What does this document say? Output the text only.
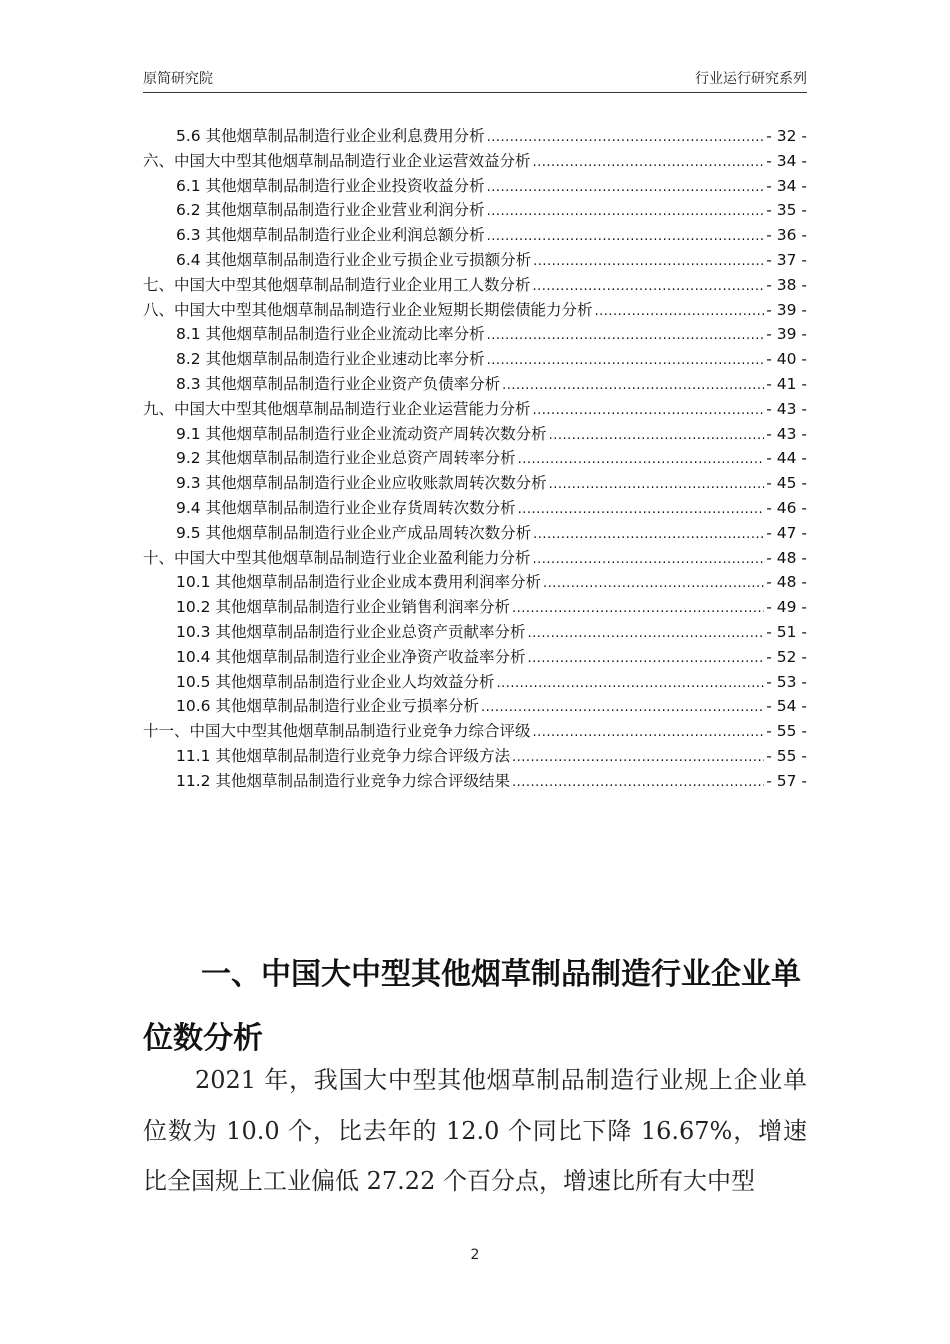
原简研究院	行业运行研究系列
5.6 其他烟草制品制造行业企业利息费用分析 .....	- 32 -
六、中国大中型其他烟草制品制造行业企业运营效益分析 .....	- 34 -
6.1 其他烟草制品制造行业企业投资收益分析 .....	- 34 -
6.2 其他烟草制品制造行业企业营业利润分析 .....	- 35 -
6.3 其他烟草制品制造行业企业利润总额分析 .....	- 36 -
6.4 其他烟草制品制造行业企业亏损企业亏损额分析 .....	- 37 -
七、中国大中型其他烟草制品制造行业企业用工人数分析 .....	- 38 -
八、中国大中型其他烟草制品制造行业企业短期长期偿债能力分析 .....	- 39 -
8.1 其他烟草制品制造行业企业流动比率分析 .....	- 39 -
8.2 其他烟草制品制造行业企业速动比率分析 .....	- 40 -
8.3 其他烟草制品制造行业企业资产负债率分析 .....	- 41 -
九、中国大中型其他烟草制品制造行业企业运营能力分析 .....	- 43 -
9.1 其他烟草制品制造行业企业流动资产周转次数分析 .....	- 43 -
9.2 其他烟草制品制造行业企业总资产周转率分析 .....	- 44 -
9.3 其他烟草制品制造行业企业应收账款周转次数分析 .....	- 45 -
9.4 其他烟草制品制造行业企业存货周转次数分析 .....	- 46 -
9.5 其他烟草制品制造行业企业产成品周转次数分析 .....	- 47 -
十、中国大中型其他烟草制品制造行业企业盈利能力分析 .....	- 48 -
10.1 其他烟草制品制造行业企业成本费用利润率分析 .....	- 48 -
10.2 其他烟草制品制造行业企业销售利润率分析 .....	- 49 -
10.3 其他烟草制品制造行业企业总资产贡献率分析 .....	- 51 -
10.4 其他烟草制品制造行业企业净资产收益率分析 .....	- 52 -
10.5 其他烟草制品制造行业企业人均效益分析 .....	- 53 -
10.6 其他烟草制品制造行业企业亏损率分析 .....	- 54 -
十一、中国大中型其他烟草制品制造行业竞争力综合评级 .....	- 55 -
11.1 其他烟草制品制造行业竞争力综合评级方法 .....	- 55 -
11.2 其他烟草制品制造行业竞争力综合评级结果 .....	- 57 -
一、中国大中型其他烟草制品制造行业企业单位数分析

2021 年，我国大中型其他烟草制品制造行业规上企业单位数为 10.0 个，比去年的 12.0 个同比下降 16.67%，增速比全国规上工业偏低 27.22 个百分点，增速比所有大中型

2
